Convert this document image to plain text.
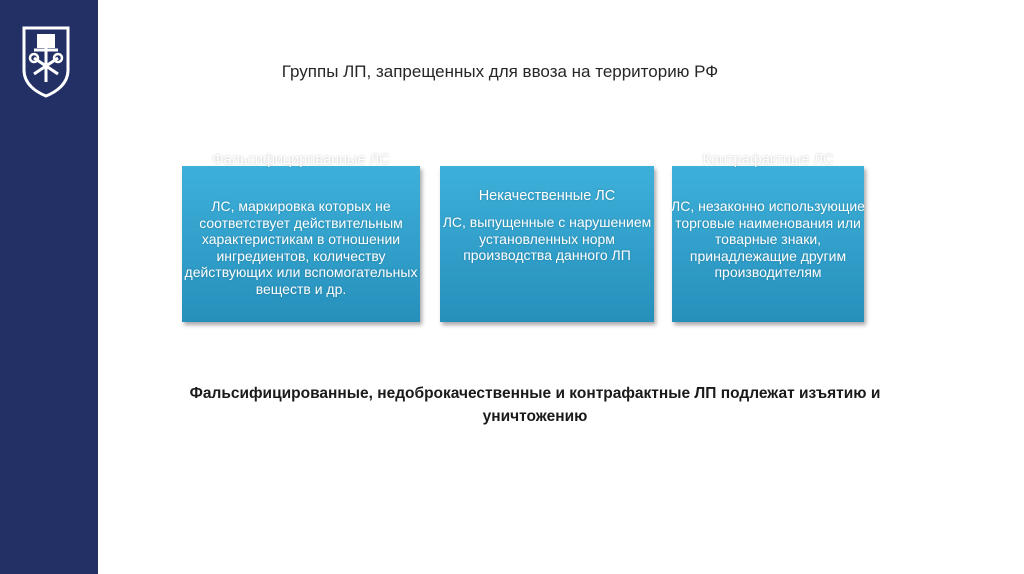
Группы ЛП, запрещенных для ввоза на территорию РФ
Фальсифицированные ЛС
ЛС, маркировка которых не соответствует действительным характеристикам в отношении ингредиентов, количеству действующих или вспомогательных веществ и др.
Некачественные ЛС
ЛС, выпущенные с нарушением установленных норм производства данного ЛП
Контрафактные ЛС
ЛС, незаконно использующие торговые наименования или товарные знаки, принадлежащие другим производителям
Фальсифицированные, недоброкачественные и контрафактные ЛП подлежат изъятию и уничтожению
